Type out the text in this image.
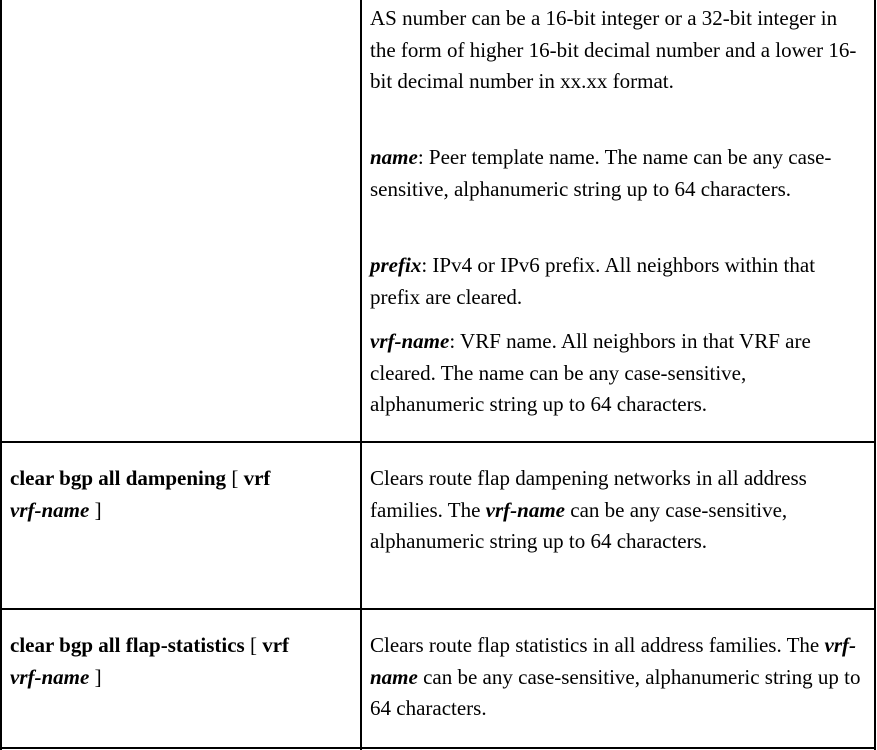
AS number can be a 16-bit integer or a 32-bit integer in the form of higher 16-bit decimal number and a lower 16-bit decimal number in xx.xx format.

name: Peer template name. The name can be any case-sensitive, alphanumeric string up to 64 characters.

prefix: IPv4 or IPv6 prefix. All neighbors within that prefix are cleared.

vrf-name: VRF name. All neighbors in that VRF are cleared. The name can be any case-sensitive, alphanumeric string up to 64 characters.

clear bgp all dampening [ vrf
vrf-name ]

Clears route flap dampening networks in all address families. The vrf-name can be any case-sensitive, alphanumeric string up to 64 characters.

clear bgp all flap-statistics [ vrf
vrf-name ]

Clears route flap statistics in all address families. The vrf-name can be any case-sensitive, alphanumeric string up to 64 characters.
